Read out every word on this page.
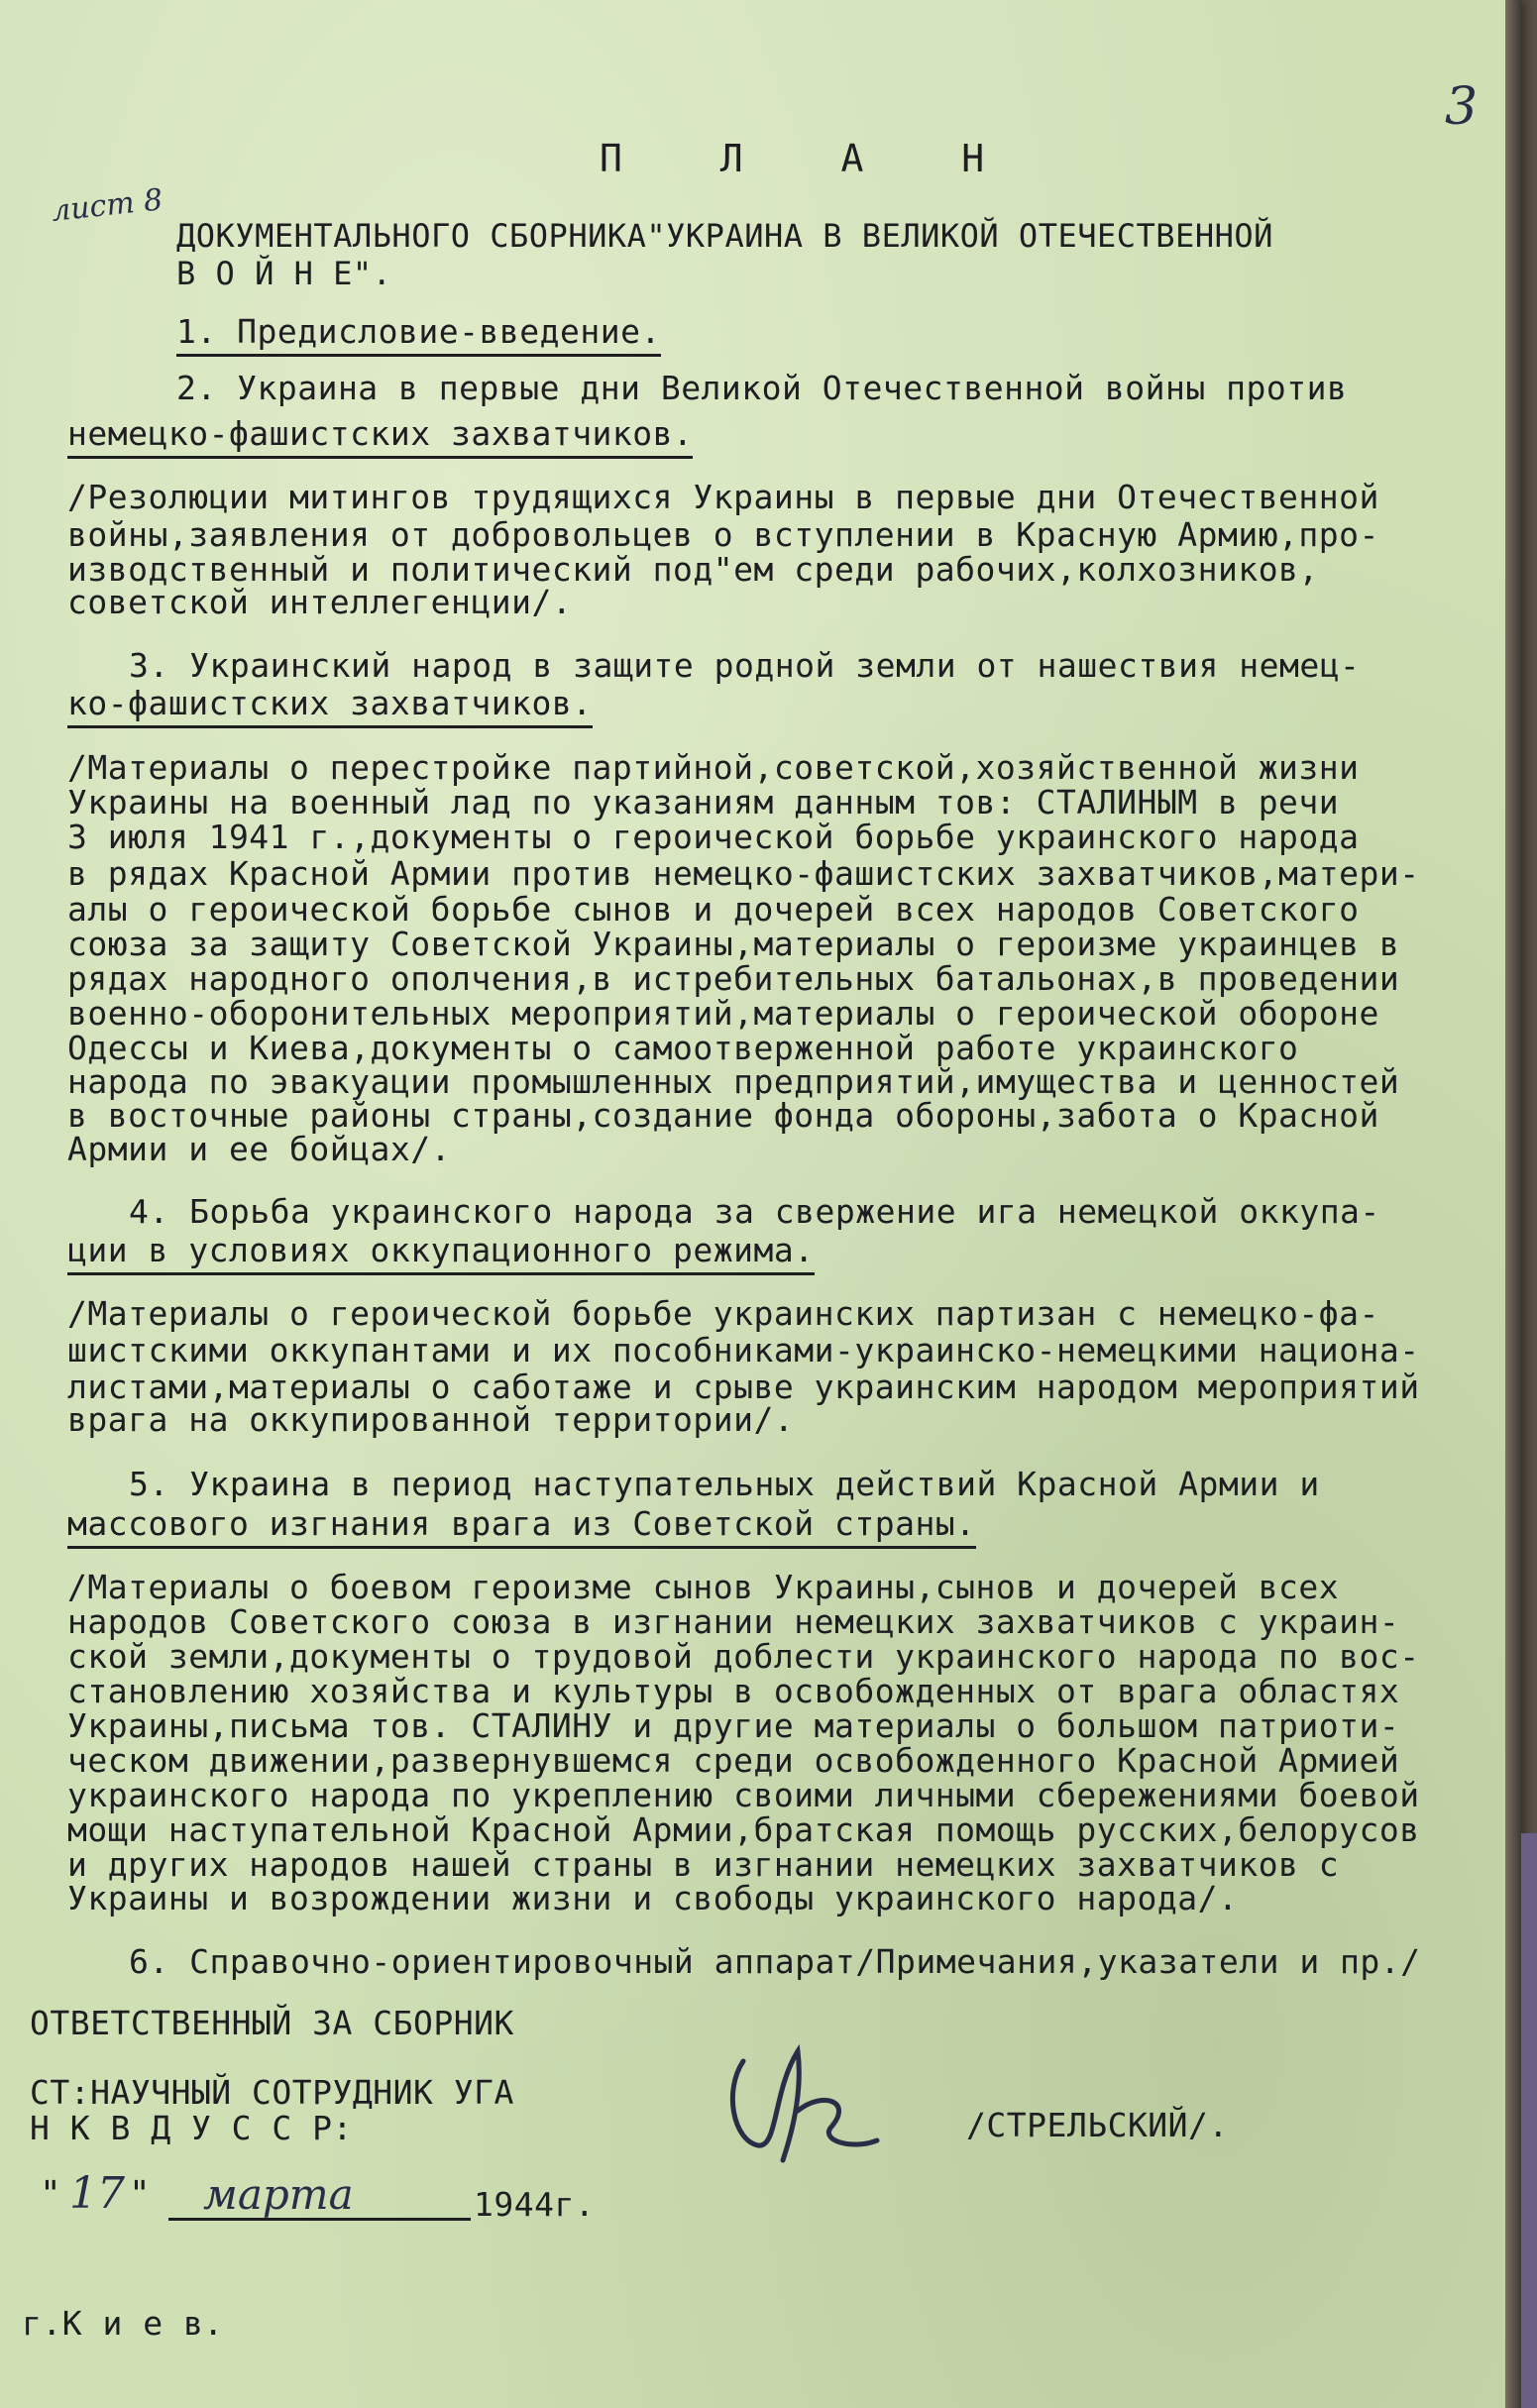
3
лист 8
П Л А Н
ДОКУМЕНТАЛЬНОГО СБОРНИКА"УКРАИНА В ВЕЛИКОЙ ОТЕЧЕСТВЕННОЙ
В О Й Н Е".
1. Предисловие-введение.
2. Украина в первые дни Великой Отечественной войны против
немецко-фашистских захватчиков.
/Резолюции митингов трудящихся Украины в первые дни Отечественной
войны,заявления от добровольцев о вступлении в Красную Армию,про-
изводственный и политический под"ем среди рабочих,колхозников,
советской интеллегенции/.
3. Украинский народ в защите родной земли от нашествия немец-
ко-фашистских захватчиков.
/Материалы о перестройке партийной,советской,хозяйственной жизни
Украины на военный лад по указаниям данным тов: СТАЛИНЫМ в речи
3 июля 1941 г.,документы о героической борьбе украинского народа
в рядах Красной Армии против немецко-фашистских захватчиков,матери-
алы о героической борьбе сынов и дочерей всех народов Советского
союза за защиту Советской Украины,материалы о героизме украинцев в
рядах народного ополчения,в истребительных батальонах,в проведении
военно-оборонительных мероприятий,материалы о героической обороне
Одессы и Киева,документы о самоотверженной работе украинского
народа по эвакуации промышленных предприятий,имущества и ценностей
в восточные районы страны,создание фонда обороны,забота о Красной
Армии и ее бойцах/.
4. Борьба украинского народа за свержение ига немецкой оккупа-
ции в условиях оккупационного режима.
/Материалы о героической борьбе украинских партизан с немецко-фа-
шистскими оккупантами и их пособниками-украинско-немецкими национа-
листами,материалы о саботаже и срыве украинским народом мероприятий
врага на оккупированной территории/.
5. Украина в период наступательных действий Красной Армии и
массового изгнания врага из Советской страны.
/Материалы о боевом героизме сынов Украины,сынов и дочерей всех
народов Советского союза в изгнании немецких захватчиков с украин-
ской земли,документы о трудовой доблести украинского народа по вос-
становлению хозяйства и культуры в освобожденных от врага областях
Украины,письма тов. СТАЛИНУ и другие материалы о большом патриоти-
ческом движении,развернувшемся среди освобожденного Красной Армией
украинского народа по укреплению своими личными сбережениями боевой
мощи наступательной Красной Армии,братская помощь русских,белорусов
и других народов нашей страны в изгнании немецких захватчиков с
Украины и возрождении жизни и свободы украинского народа/.
6. Справочно-ориентировочный аппарат/Примечания,указатели и пр./
ОТВЕТСТВЕННЫЙ ЗА СБОРНИК
СТ:НАУЧНЫЙ СОТРУДНИК УГА
Н К В Д У С С Р:	/СТРЕЛЬСКИЙ/.
" 17 " марта	1944г.
г.К и е в.
